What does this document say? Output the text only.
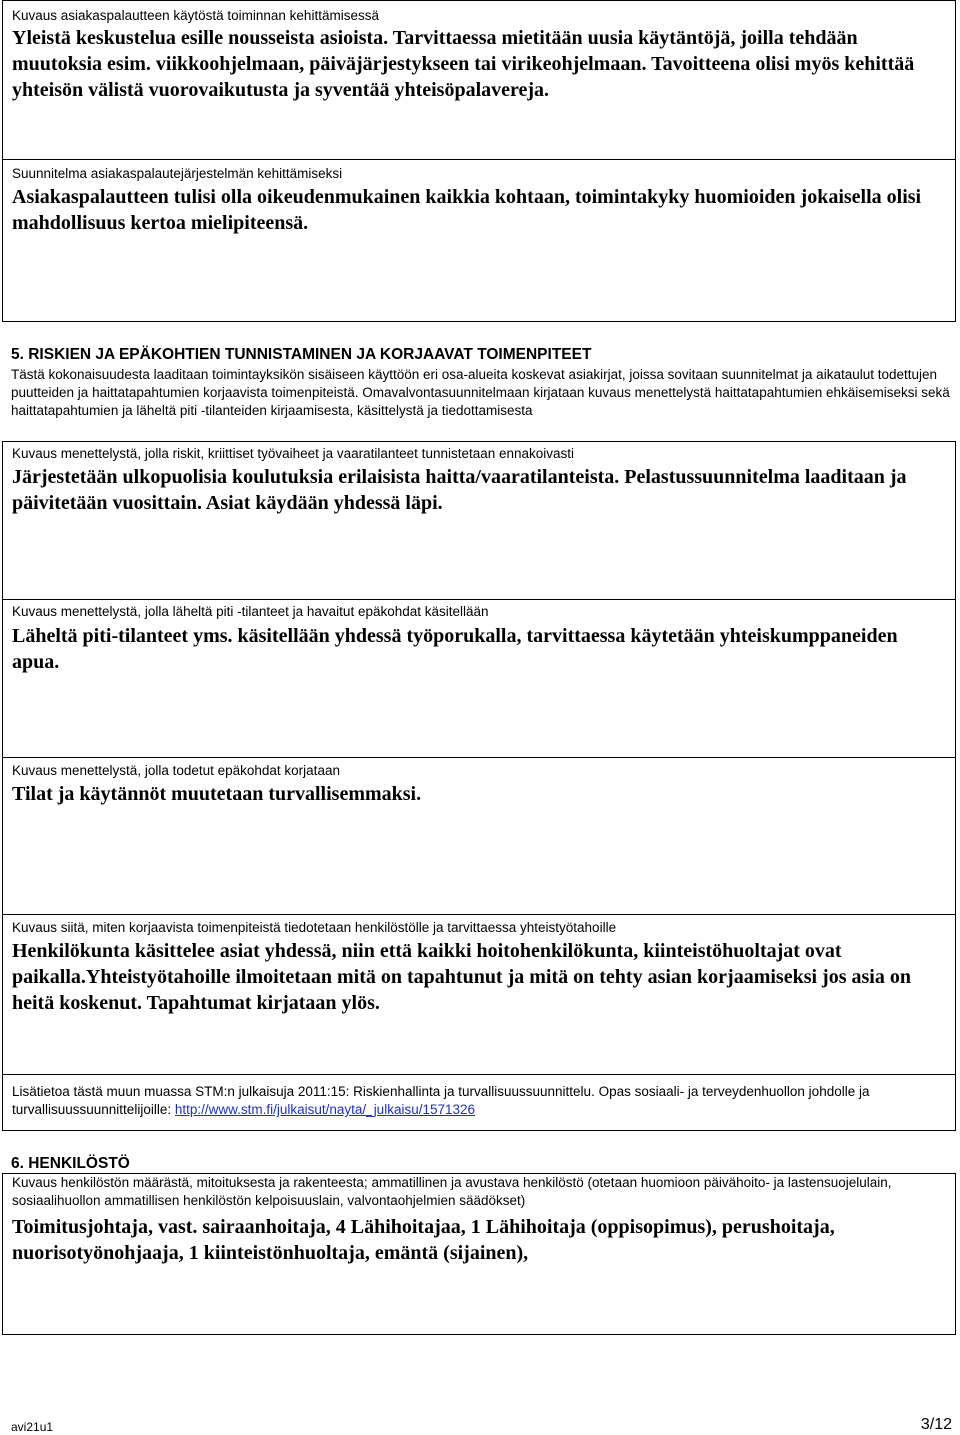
Kuvaus asiakaspalautteen käytöstä toiminnan kehittämisessä
Yleistä keskustelua esille nousseista asioista. Tarvittaessa mietitään uusia käytäntöjä, joilla tehdään muutoksia esim. viikkoohjelmaan, päiväjärjestykseen tai virikeohjelmaan. Tavoitteena olisi myös kehittää yhteisön välistä vuorovaikutusta ja syventää yhteisöpalavereja.
Suunnitelma asiakaspalautejärjestelmän kehittämiseksi
Asiakaspalautteen tulisi olla oikeudenmukainen kaikkia kohtaan, toimintakyky huomioiden jokaisella olisi mahdollisuus kertoa mielipiteensä.
5. RISKIEN JA EPÄKOHTIEN TUNNISTAMINEN JA KORJAAVAT TOIMENPITEET
Tästä kokonaisuudesta laaditaan toimintayksikön sisäiseen käyttöön eri osa-alueita koskevat asiakirjat, joissa sovitaan suunnitelmat ja aikataulut todettujen puutteiden ja haittatapahtumien korjaavista toimenpiteistä. Omavalvontasuunnitelmaan kirjataan kuvaus menettelystä haittatapahtumien ehkäisemiseksi sekä haittatapahtumien ja läheltä piti -tilanteiden kirjaamisesta, käsittelystä ja tiedottamisesta
Kuvaus menettelystä, jolla riskit, kriittiset työvaiheet ja vaaratilanteet tunnistetaan ennakoivasti
Järjestetään ulkopuolisia koulutuksia erilaisista haitta/vaaratilanteista. Pelastussuunnitelma laaditaan ja päivitetään vuosittain. Asiat käydään yhdessä läpi.
Kuvaus menettelystä, jolla läheltä piti -tilanteet ja havaitut epäkohdat käsitellään
Läheltä piti-tilanteet yms. käsitellään yhdessä työporukalla, tarvittaessa käytetään yhteiskumppaneiden apua.
Kuvaus menettelystä, jolla todetut epäkohdat korjataan
Tilat ja käytännöt muutetaan turvallisemmaksi.
Kuvaus siitä, miten korjaavista toimenpiteistä tiedotetaan henkilöstölle ja tarvittaessa yhteistyötahoille
Henkilökunta käsittelee asiat yhdessä, niin että kaikki hoitohenkilökunta, kiinteistöhuoltajat ovat paikalla.Yhteistyötahoille ilmoitetaan mitä on tapahtunut ja mitä on tehty asian korjaamiseksi jos asia on heitä koskenut. Tapahtumat kirjataan ylös.
Lisätietoa tästä muun muassa STM:n julkaisuja 2011:15: Riskienhallinta ja turvallisuussuunnittelu. Opas sosiaali- ja terveydenhuollon johdolle ja turvallisuussuunnittelijoille: http://www.stm.fi/julkaisut/nayta/_julkaisu/1571326
6. HENKILÖSTÖ
Kuvaus henkilöstön määrästä, mitoituksesta ja rakenteesta; ammatillinen ja avustava henkilöstö (otetaan huomioon päivähoito- ja lastensuojelulain, sosiaalihuollon ammatillisen henkilöstön kelpoisuuslain, valvontaohjelmien säädökset)
Toimitusjohtaja, vast. sairaanhoitaja, 4 Lähihoitajaa, 1 Lähihoitaja (oppisopimus), perushoitaja, nuorisotyönohjaaja, 1 kiinteistönhuoltaja, emäntä (sijainen),
avi21u1	3/12
